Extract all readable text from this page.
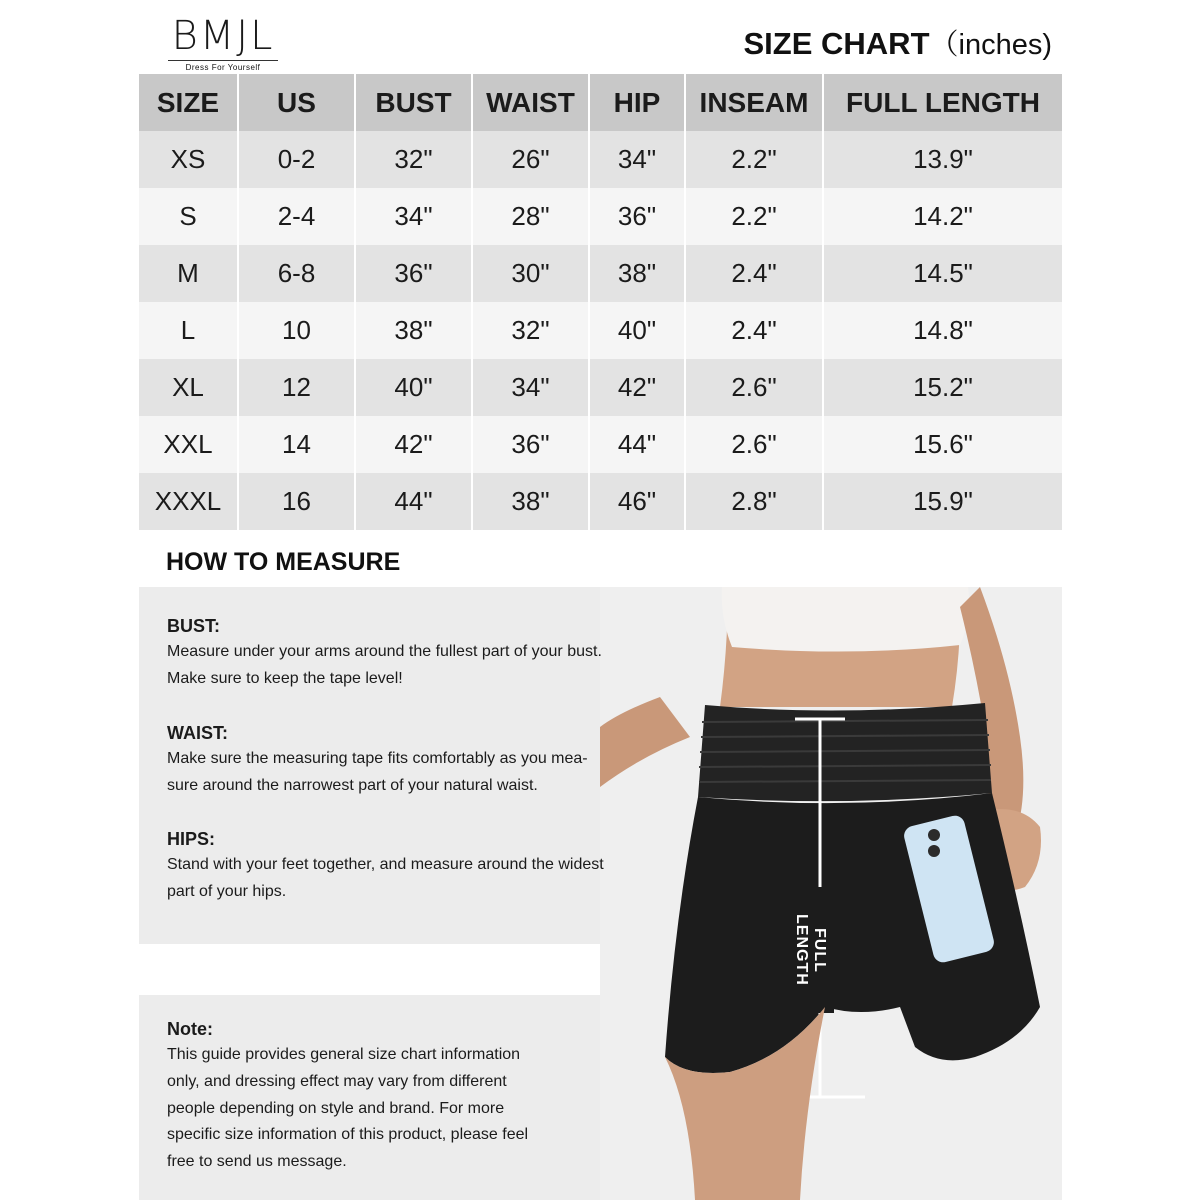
BMJL
Dress For Yourself
SIZE CHART（inches)
SIZE	US	BUST	WAIST	HIP	INSEAM	FULL LENGTH
XS	0-2	32"	26"	34"	2.2"	13.9"
S	2-4	34"	28"	36"	2.2"	14.2"
M	6-8	36"	30"	38"	2.4"	14.5"
L	10	38"	32"	40"	2.4"	14.8"
XL	12	40"	34"	42"	2.6"	15.2"
XXL	14	42"	36"	44"	2.6"	15.6"
XXXL	16	44"	38"	46"	2.8"	15.9"
HOW TO MEASURE
FULL LENGTH
BUST:

Measure under your arms around the fullest part of your bust.

Make sure to keep the tape level!

WAIST:

Make sure the measuring tape fits comfortably as you mea-

sure around the narrowest part of your natural waist.

HIPS:

Stand with your feet together, and measure around the widest

part of your hips.

Note:

This guide provides general size chart information

only, and dressing effect may vary from different

people depending on style and brand. For more

specific size information of this product, please feel

free to send us message.
